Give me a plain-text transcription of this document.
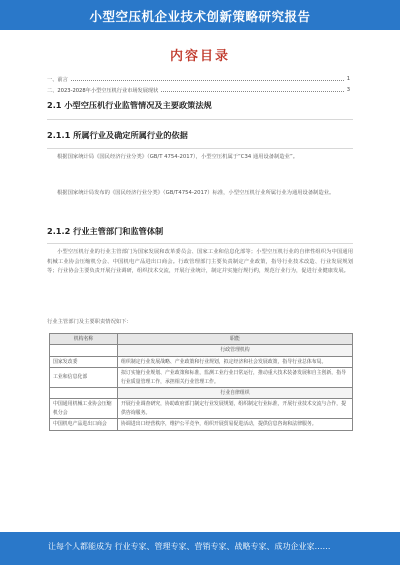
小型空压机企业技术创新策略研究报告
内容目录
一、前言	1
二、2023-2028年小型空压机行业市场发展现状	3
2.1 小型空压机行业监管情况及主要政策法规
2.1.1 所属行业及确定所属行业的依据

根据国家统计局《国民经济行业分类》（GB/T 4754-2017），小型空压机属于“C34 通用设备制造业”。

根据国家统计局发布的《国民经济行业分类》（GB/T4754-2017）标准，小型空压机行业所属行业为通用设备制造业。

2.1.2 行业主管部门和监管体制

小型空压机行业的行业主管部门为国家发展和改革委员会、国家工业和信息化部等；小型空压机行业的自律性组织为中国通用机械工业协会压缩机分会、中国机电产品进出口商会。行政管理部门主要负责制定产业政策，指导行业技术改造、行业发展规划等；行业协会主要负责开展行业调研，组织技术交流，开展行业统计，制定并实施行规行约，规范行业行为，促进行业健康发展。

行业主管部门及主要职责情况如下：
机构名称	职能
	行政管理机构
国家发改委	组织制定行业发展战略、产业政策和行业规划，拟定经济和社会发展政策，指导行业总体布局。
工业和信息化部	拟订实施行业规划、产业政策和标准，监测工业行业日常运行，推动重大技术装备发展和自主创新，指导行业质量管理工作，承担相关行业管理工作。
	行业自律组织
中国通用机械工业协会压缩机分会	开展行业调查研究，协助政府部门制定行业发展规划，组织制定行业标准，开展行业技术交流与合作，提供咨询服务。
中国机电产品进出口商会	协调进出口经营秩序，维护公平竞争，组织开展贸易促进活动，提供信息咨询和法律服务。
让每个人都能成为 行业专家、管理专家、营销专家、战略专家、成功企业家……
